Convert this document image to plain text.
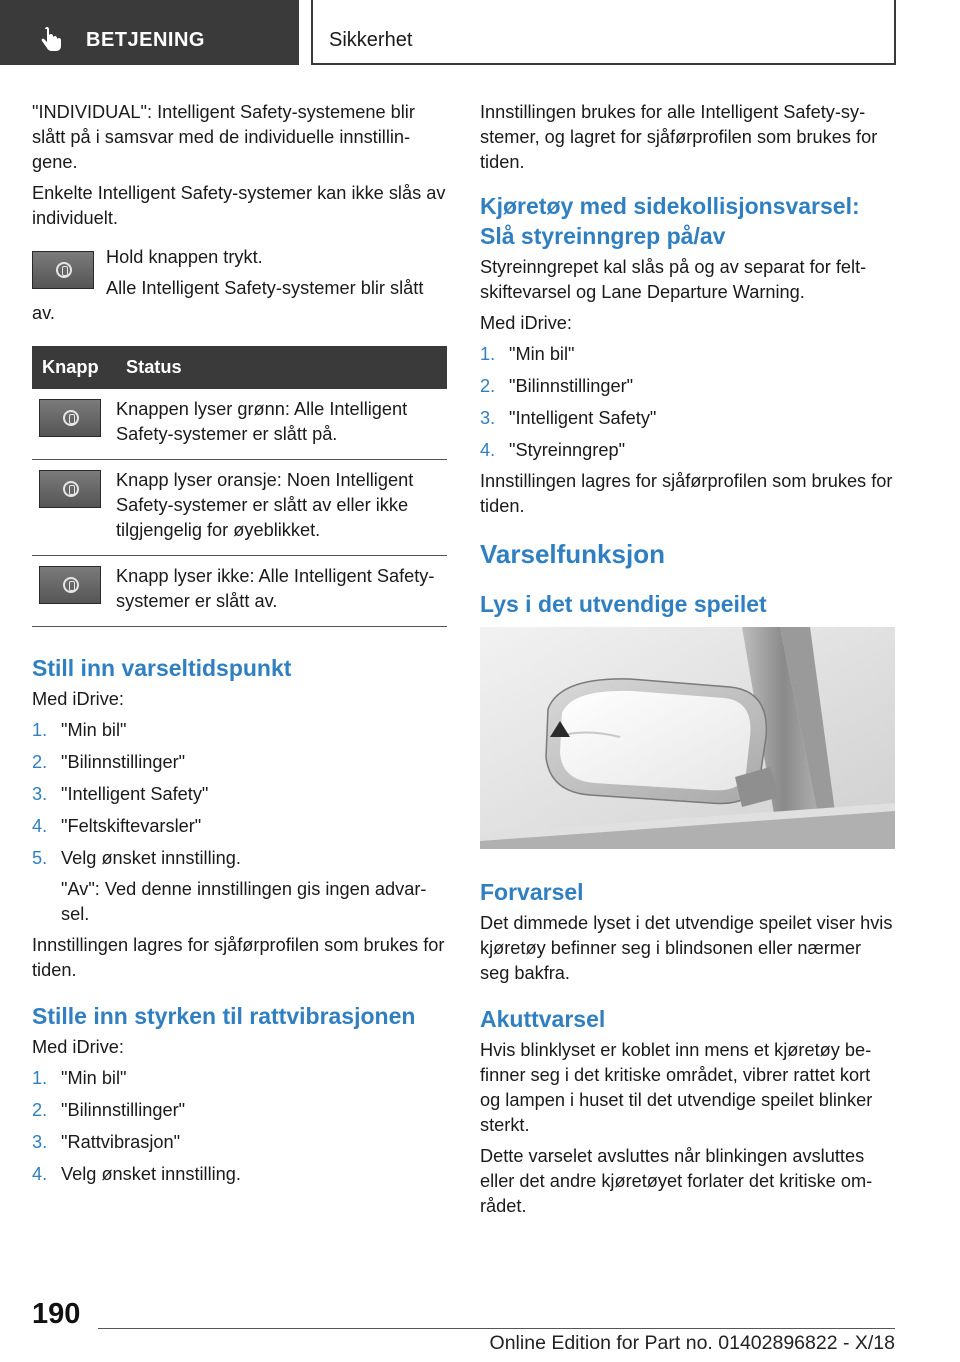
BETJENING	Sikkerhet

"INDIVIDUAL": Intelligent Safety-systemene blir slått på i samsvar med de individuelle innstillingene.

Enkelte Intelligent Safety-systemer kan ikke slås av individuelt.

Hold knappen trykt.

Alle Intelligent Safety-systemer blir slått av.

Knapp	Status

	Knappen lyser grønn: Alle Intelligent Safety-systemer er slått på.

	Knapp lyser oransje: Noen Intelligent Safety-systemer er slått av eller ikke tilgjengelig for øyeblikket.

	Knapp lyser ikke: Alle Intelligent Safety-systemer er slått av.
Still inn varseltidspunkt

Med iDrive:

1. "Min bil"
2. "Bilinnstillinger"
3. "Intelligent Safety"
4. "Feltskiftevarsler"
5. Velg ønsket innstilling.

"Av": Ved denne innstillingen gis ingen advarsel.

Innstillingen lagres for sjåførprofilen som brukes for tiden.

Stille inn styrken til rattvibrasjonen

Med iDrive:

1. "Min bil"
2. "Bilinnstillinger"
3. "Rattvibrasjon"
4. Velg ønsket innstilling.

Innstillingen brukes for alle Intelligent Safety-systemer, og lagret for sjåførprofilen som brukes for tiden.

Kjøretøy med sidekollisjonsvarsel: Slå styreinngrep på/av

Styreinngrepet kal slås på og av separat for feltskiftevarsel og Lane Departure Warning.

Med iDrive:

1. "Min bil"
2. "Bilinnstillinger"
3. "Intelligent Safety"
4. "Styreinngrep"

Innstillingen lagres for sjåførprofilen som brukes for tiden.

Varselfunksjon
Lys i det utvendige speilet
Forvarsel

Det dimmede lyset i det utvendige speilet viser hvis kjøretøy befinner seg i blindsonen eller nærmer seg bakfra.

Akuttvarsel

Hvis blinklyset er koblet inn mens et kjøretøy befinner seg i det kritiske området, vibrer rattet kort og lampen i huset til det utvendige speilet blinker sterkt.

Dette varselet avsluttes når blinkingen avsluttes eller det andre kjøretøyet forlater det kritiske området.

190
Online Edition for Part no. 01402896822 - X/18
